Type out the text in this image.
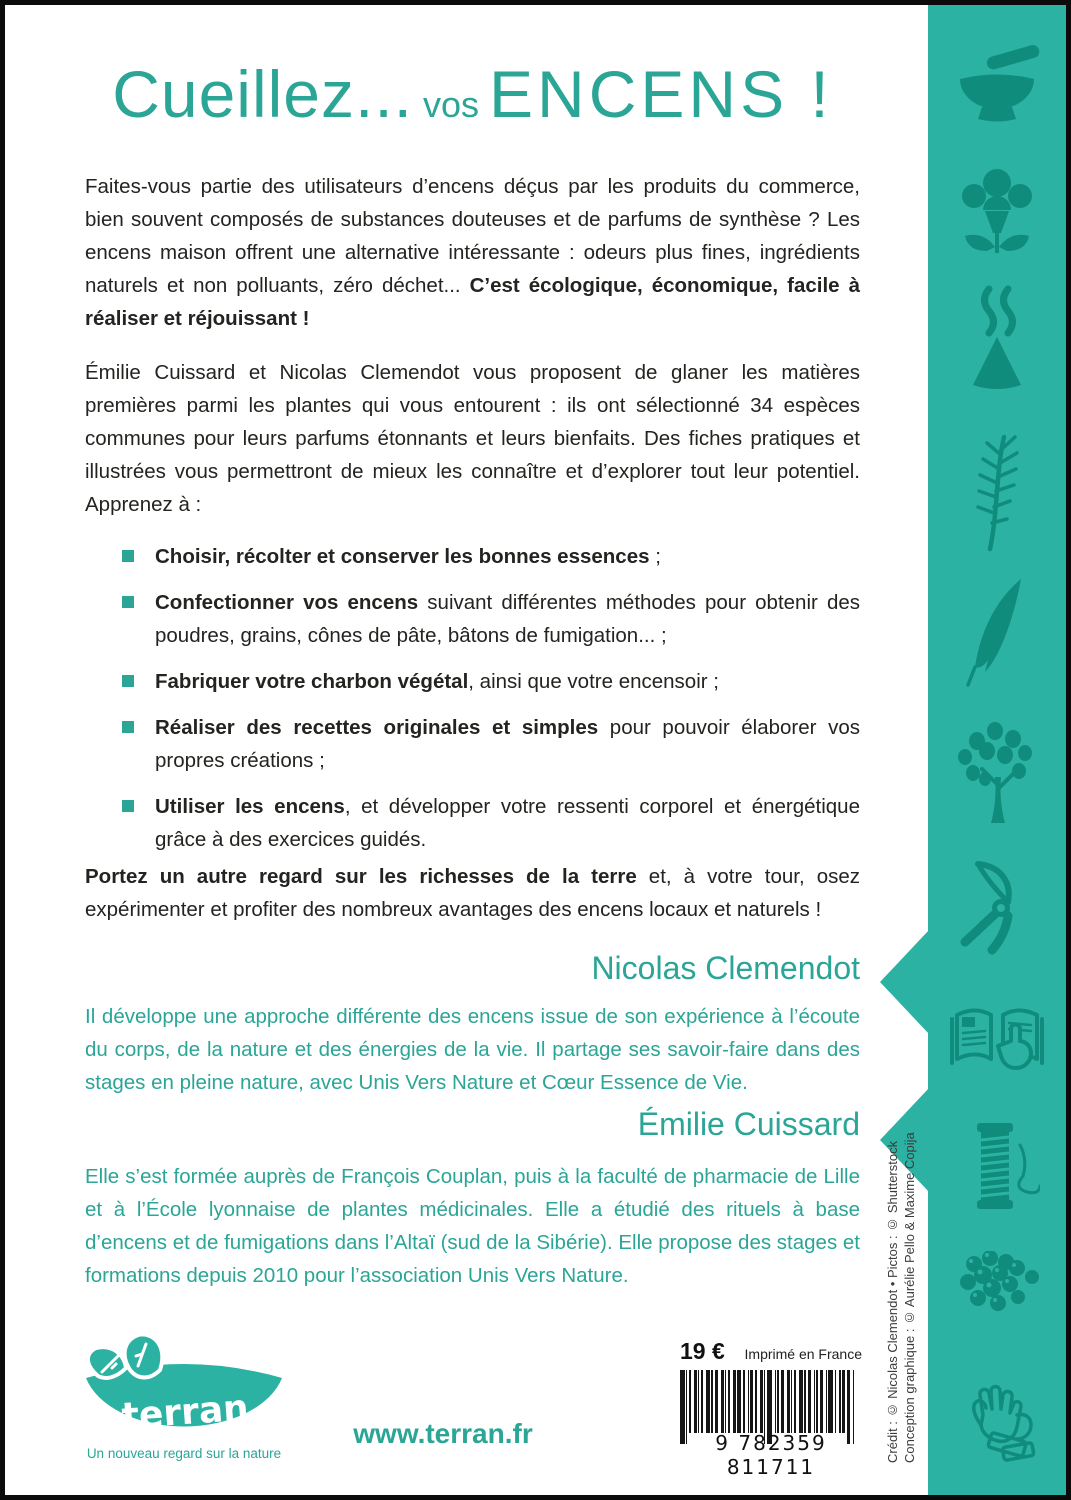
Cueillez... vos ENCENS !

Faites-vous partie des utilisateurs d’encens déçus par les produits du commerce, bien souvent composés de substances douteuses et de parfums de synthèse ? Les encens maison offrent une alternative intéressante : odeurs plus fines, ingrédients naturels et non polluants, zéro déchet... C’est écologique, économique, facile à réaliser et réjouissant !

Émilie Cuissard et Nicolas Clemendot vous proposent de glaner les matières premières parmi les plantes qui vous entourent : ils ont sélectionné 34 espèces communes pour leurs parfums étonnants et leurs bienfaits. Des fiches pratiques et illustrées vous permettront de mieux les connaître et d’explorer tout leur potentiel. Apprenez à :

Choisir, récolter et conserver les bonnes essences ;
Confectionner vos encens suivant différentes méthodes pour obtenir des poudres, grains, cônes de pâte, bâtons de fumigation... ;
Fabriquer votre charbon végétal, ainsi que votre encensoir ;
Réaliser des recettes originales et simples pour pouvoir élaborer vos propres créations ;
Utiliser les encens, et développer votre ressenti corporel et énergétique grâce à des exercices guidés.

Portez un autre regard sur les richesses de la terre et, à votre tour, osez expérimenter et profiter des nombreux avantages des encens locaux et naturels !

Nicolas Clemendot

Il développe une approche différente des encens issue de son expérience à l’écoute du corps, de la nature et des énergies de la vie. Il partage ses savoir-faire dans des stages en pleine nature, avec Unis Vers Nature et Cœur Essence de Vie.

Émilie Cuissard

Elle s’est formée auprès de François Couplan, puis à la faculté de pharmacie de Lille et à l’École lyonnaise de plantes médicinales. Elle a étudié des rituels à base d’encens et de fumigations dans l’Altaï (sud de la Sibérie). Elle propose des stages et formations depuis 2010 pour l’association Unis Vers Nature.

terran
Un nouveau regard sur la nature
www.terran.fr
19 € Imprimé en France
9 782359 811711
Crédit : © Nicolas Clemendot • Pictos : © Shutterstock Conception graphique : © Aurélie Pello & Maxime Copija
